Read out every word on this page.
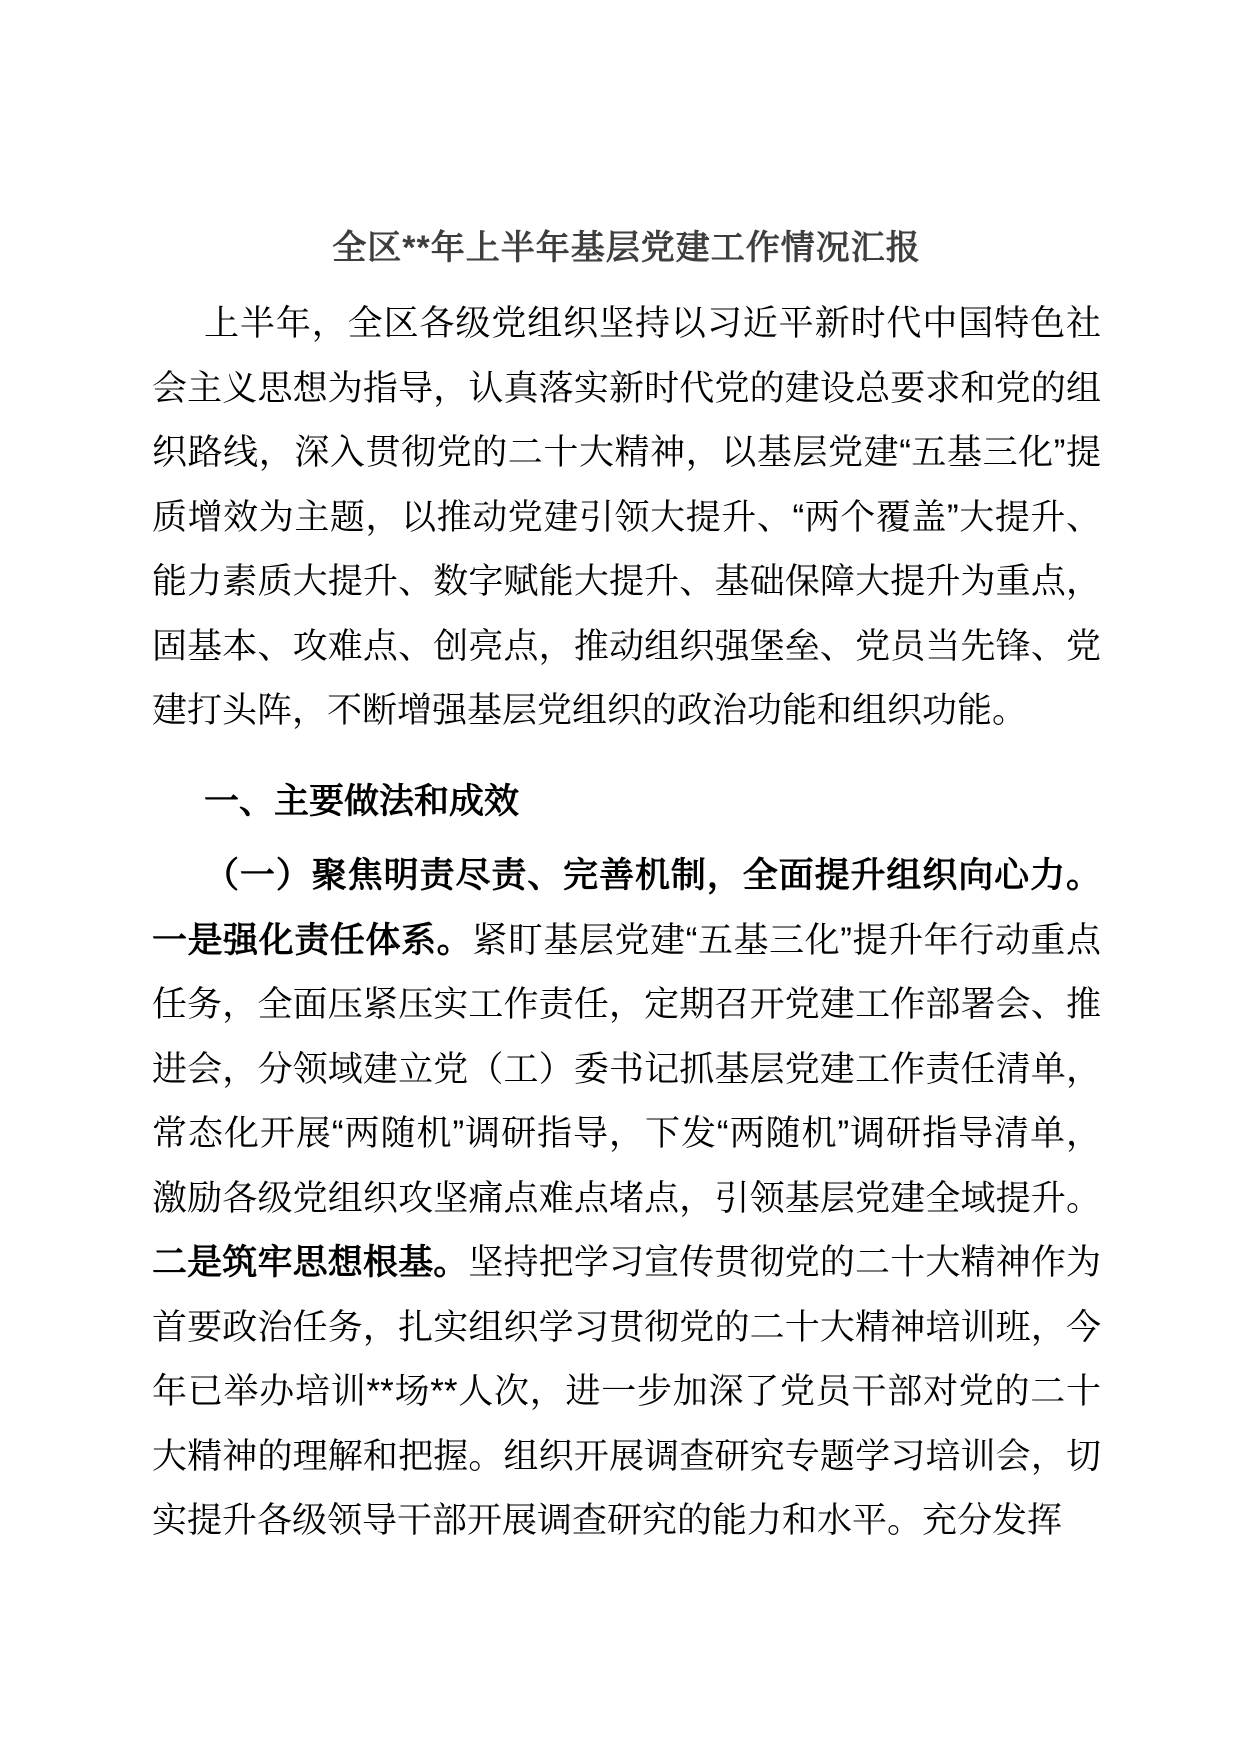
全区**年上半年基层党建工作情况汇报

上半年，全区各级党组织坚持以习近平新时代中国特色社会主义思想为指导，认真落实新时代党的建设总要求和党的组织路线，深入贯彻党的二十大精神，以基层党建“五基三化”提质增效为主题，以推动党建引领大提升、“两个覆盖”大提升、能力素质大提升、数字赋能大提升、基础保障大提升为重点，固基本、攻难点、创亮点，推动组织强堡垒、党员当先锋、党建打头阵，不断增强基层党组织的政治功能和组织功能。

一、主要做法和成效

（一）聚焦明责尽责、完善机制，全面提升组织向心力。一是强化责任体系。紧盯基层党建“五基三化”提升年行动重点任务，全面压紧压实工作责任，定期召开党建工作部署会、推进会，分领域建立党（工）委书记抓基层党建工作责任清单，常态化开展“两随机”调研指导，下发“两随机”调研指导清单，激励各级党组织攻坚痛点难点堵点，引领基层党建全域提升。二是筑牢思想根基。坚持把学习宣传贯彻党的二十大精神作为首要政治任务，扎实组织学习贯彻党的二十大精神培训班，今年已举办培训**场**人次，进一步加深了党员干部对党的二十大精神的理解和把握。组织开展调查研究专题学习培训会，切实提升各级领导干部开展调查研究的能力和水平。充分发挥
